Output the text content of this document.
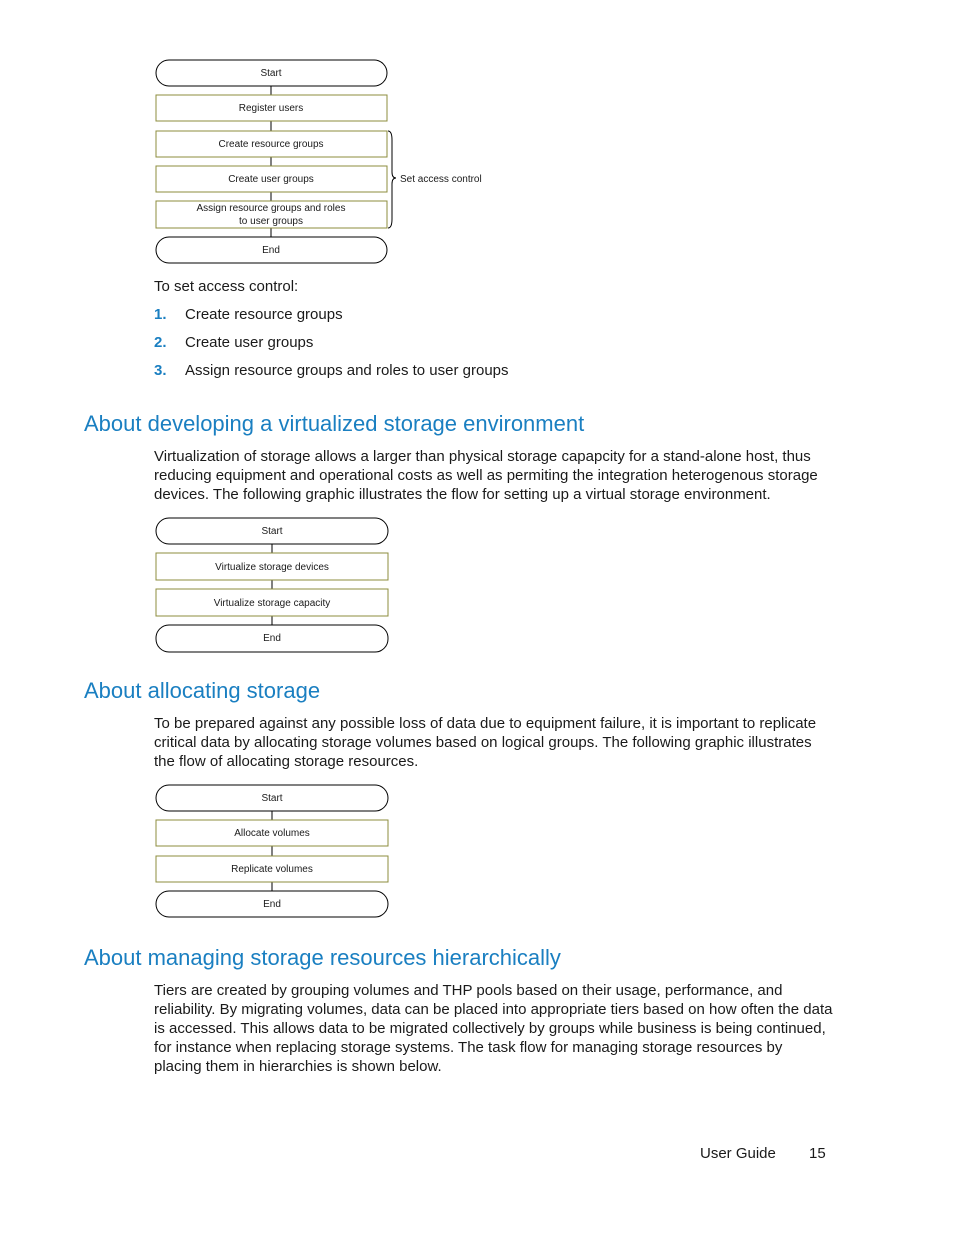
Start
Register users
Create resource groups
Create user groups
Assign resource groups and roles
to user groups
End
Set access control
Start
Virtualize storage devices
Virtualize storage capacity
End
Start
Allocate volumes
Replicate volumes
End
To set access control:
1. Create resource groups
2. Create user groups
3. Assign resource groups and roles to user groups
About developing a virtualized storage environment
Virtualization of storage allows a larger than physical storage capapcity for a stand-alone host, thus reducing equipment and operational costs as well as permiting the integration heterogenous storage devices. The following graphic illustrates the flow for setting up a virtual storage environment.
About allocating storage
To be prepared against any possible loss of data due to equipment failure, it is important to replicate critical data by allocating storage volumes based on logical groups. The following graphic illustrates the flow of allocating storage resources.
About managing storage resources hierarchically
Tiers are created by grouping volumes and THP pools based on their usage, performance, and reliability. By migrating volumes, data can be placed into appropriate tiers based on how often the data is accessed. This allows data to be migrated collectively by groups while business is being continued, for instance when replacing storage systems. The task flow for managing storage resources by placing them in hierarchies is shown below.
User Guide 15
